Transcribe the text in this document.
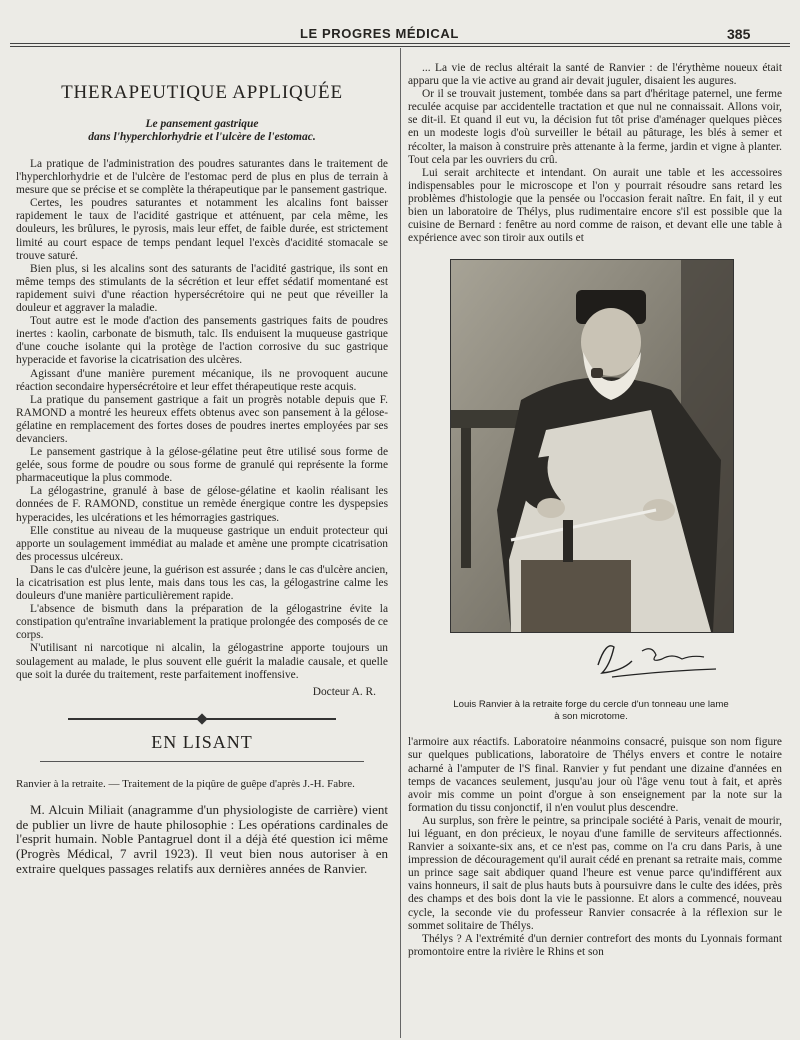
LE PROGRES MÉDICAL	385
THERAPEUTIQUE APPLIQUÉE
Le pansement gastrique
dans l'hyperchlorhydrie et l'ulcère de l'estomac.

La pratique de l'administration des poudres saturantes dans le traitement de l'hyperchlorhydrie et de l'ulcère de l'estomac perd de plus en plus de terrain à mesure que se précise et se complète la thérapeutique par le pansement gastrique.

Certes, les poudres saturantes et notamment les alcalins font baisser rapidement le taux de l'acidité gastrique et atténuent, par cela même, les douleurs, les brûlures, le pyrosis, mais leur effet, de faible durée, est strictement limité au court espace de temps pendant lequel l'excès d'acidité stomacale se trouve saturé.

Bien plus, si les alcalins sont des saturants de l'acidité gastrique, ils sont en même temps des stimulants de la sécrétion et leur effet sédatif momentané est rapidement suivi d'une réaction hypersécrétoire qui ne peut que réveiller la douleur et aggraver la maladie.

Tout autre est le mode d'action des pansements gastriques faits de poudres inertes : kaolin, carbonate de bismuth, talc. Ils enduisent la muqueuse gastrique d'une couche isolante qui la protège de l'action corrosive du suc gastrique hyperacide et favorise la cicatrisation des ulcères.

Agissant d'une manière purement mécanique, ils ne provoquent aucune réaction secondaire hypersécrétoire et leur effet thérapeutique reste acquis.

La pratique du pansement gastrique a fait un progrès notable depuis que F. RAMOND a montré les heureux effets obtenus avec son pansement à la gélose-gélatine en remplacement des fortes doses de poudres inertes employées par ses devanciers.

Le pansement gastrique à la gélose-gélatine peut être utilisé sous forme de gelée, sous forme de poudre ou sous forme de granulé qui représente la forme pharmaceutique la plus commode.

La gélogastrine, granulé à base de gélose-gélatine et kaolin réalisant les données de F. RAMOND, constitue un remède énergique contre les dyspepsies hyperacides, les ulcérations et les hémorragies gastriques.

Elle constitue au niveau de la muqueuse gastrique un enduit protecteur qui apporte un soulagement immédiat au malade et amène une prompte cicatrisation des processus ulcéreux.

Dans le cas d'ulcère jeune, la guérison est assurée ; dans le cas d'ulcère ancien, la cicatrisation est plus lente, mais dans tous les cas, la gélogastrine calme les douleurs d'une manière particulièrement rapide.

L'absence de bismuth dans la préparation de la gélogastrine évite la constipation qu'entraîne invariablement la pratique prolongée des composés de ce corps.

N'utilisant ni narcotique ni alcalin, la gélogastrine apporte toujours un soulagement au malade, le plus souvent elle guérit la maladie causale, et quelle que soit la durée du traitement, reste parfaitement inoffensive.

Docteur A. R.
EN LISANT
Ranvier à la retraite. — Traitement de la piqûre de guêpe d'après J.-H. Fabre.

M. Alcuin Miliait (anagramme d'un physiologiste de carrière) vient de publier un livre de haute philosophie : Les opérations cardinales de l'esprit humain. Noble Pantagruel dont il a déjà été question ici même (Progrès Médical, 7 avril 1923). Il veut bien nous autoriser à en extraire quelques passages relatifs aux dernières années de Ranvier.

... La vie de reclus altérait la santé de Ranvier : de l'érythème noueux était apparu que la vie active au grand air devait juguler, disaient les augures.

Or il se trouvait justement, tombée dans sa part d'héritage paternel, une ferme reculée acquise par accidentelle tractation et que nul ne connaissait. Allons voir, se dit-il. Et quand il eut vu, la décision fut tôt prise d'aménager quelques pièces en un modeste logis d'où surveiller le bétail au pâturage, les blés à semer et récolter, la maison à construire près attenante à la ferme, jardin et vigne à planter. Tout cela par les ouvriers du crû.

Lui serait architecte et intendant. On aurait une table et les accessoires indispensables pour le microscope et l'on y pourrait résoudre sans retard les problèmes d'histologie que la pensée ou l'occasion ferait naître. En fait, il y eut bien un laboratoire de Thélys, plus rudimentaire encore s'il est possible que la cuisine de Bernard : fenêtre au nord comme de raison, et devant elle une table à expérience avec son tiroir aux outils et

Louis Ranvier à la retraite forge du cercle d'un tonneau une lame à son microtome.

l'armoire aux réactifs. Laboratoire néanmoins consacré, puisque son nom figure sur quelques publications, laboratoire de Thélys envers et contre le notaire acharné à l'amputer de l'S final. Ranvier y fut pendant une dizaine d'années en temps de vacances seulement, jusqu'au jour où l'âge venu tout à fait, et après avoir mis comme un point d'orgue à son enseignement par la note sur la formation du tissu conjonctif, il n'en voulut plus descendre.

Au surplus, son frère le peintre, sa principale société à Paris, venait de mourir, lui léguant, en don précieux, le noyau d'une famille de serviteurs affectionnés. Ranvier a soixante-six ans, et ce n'est pas, comme on l'a cru dans Paris, à une impression de découragement qu'il aurait cédé en prenant sa retraite mais, comme un prince sage sait abdiquer quand l'heure est venue parce qu'indifférent aux vains honneurs, il sait de plus hauts buts à poursuivre dans le culte des idées, près des champs et des bois dont la vie le passionne. Et alors a commencé, nouveau cycle, la seconde vie du professeur Ranvier consacrée à la réflexion sur le sommet solitaire de Thélys.

Thélys ? A l'extrémité d'un dernier contrefort des monts du Lyonnais formant promontoire entre la rivière le Rhins et son
